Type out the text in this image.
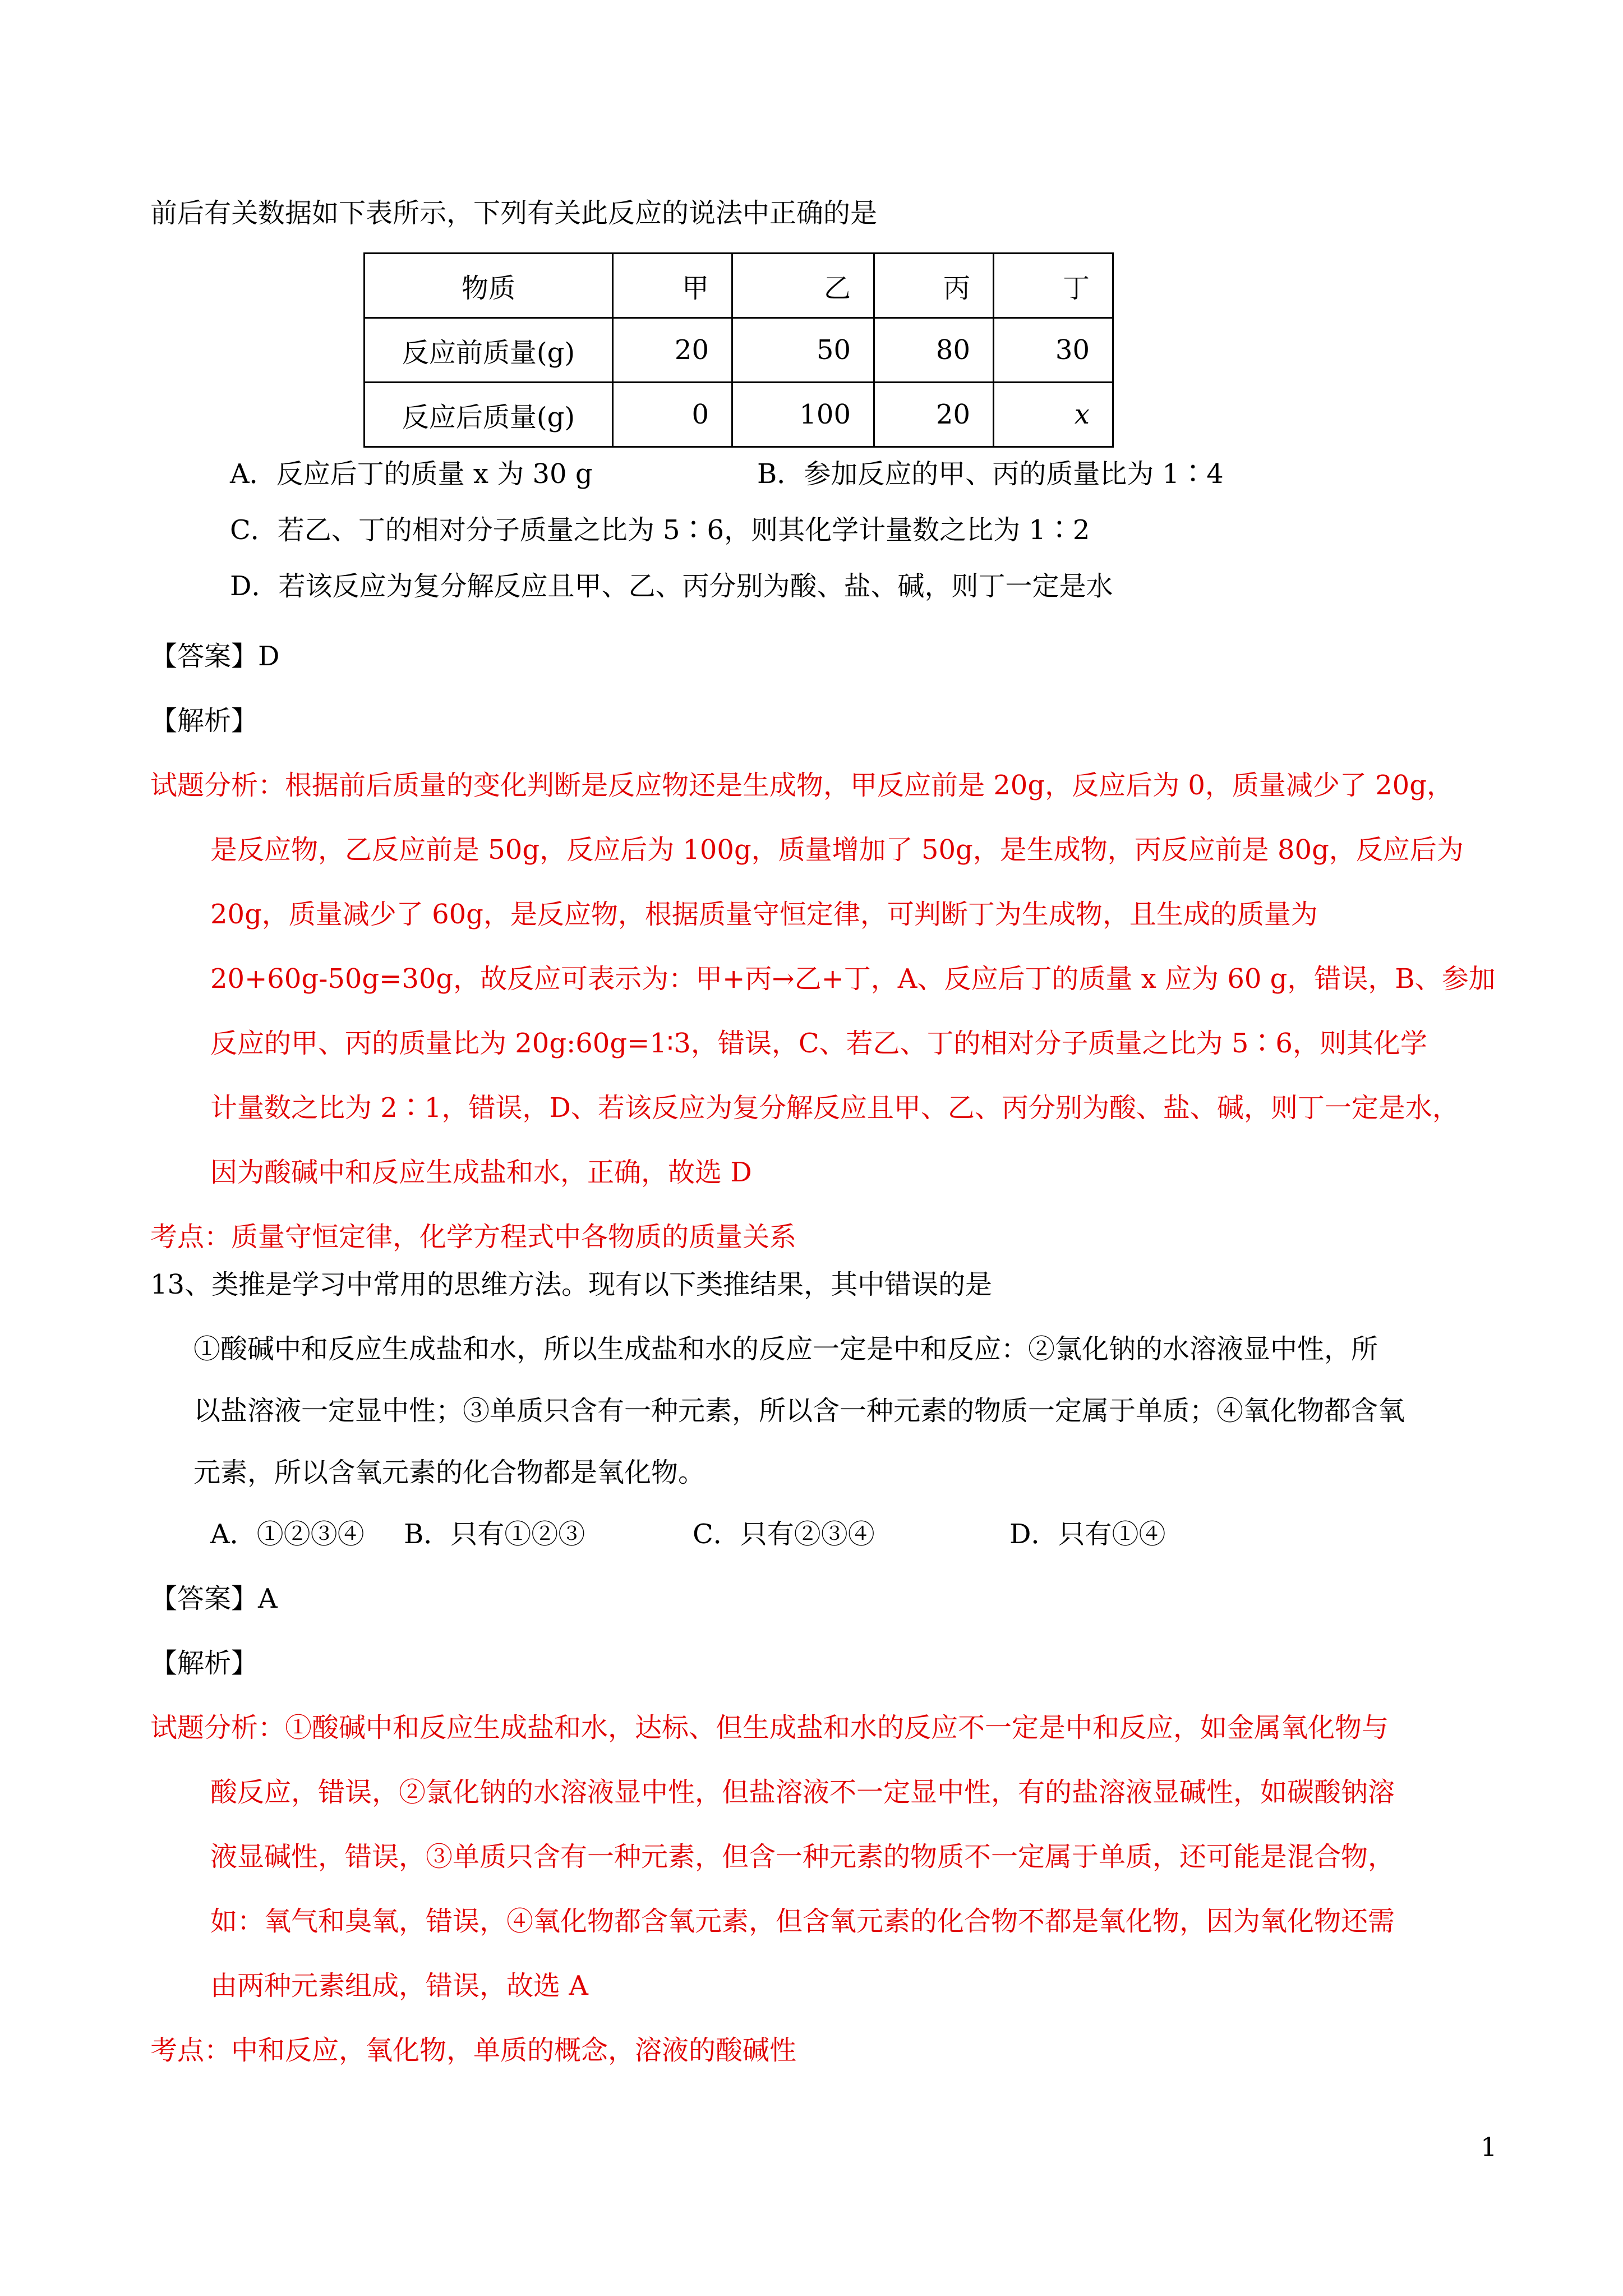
前后有关数据如下表所示，下列有关此反应的说法中正确的是
物质	甲	乙	丙	丁
反应前质量(g)	20	50	80	30
反应后质量(g)	0	100	20	x
A．反应后丁的质量 x 为 30 g	B．参加反应的甲、丙的质量比为 1∶4
C．若乙、丁的相对分子质量之比为 5∶6，则其化学计量数之比为 1∶2
D．若该反应为复分解反应且甲、乙、丙分别为酸、盐、碱，则丁一定是水
【答案】D
【解析】
试题分析：根据前后质量的变化判断是反应物还是生成物，甲反应前是 20g，反应后为 0，质量减少了 20g，
是反应物，乙反应前是 50g，反应后为 100g，质量增加了 50g，是生成物，丙反应前是 80g，反应后为
20g，质量减少了 60g，是反应物，根据质量守恒定律，可判断丁为生成物，且生成的质量为
20+60g-50g=30g，故反应可表示为：甲+丙→乙+丁，A、反应后丁的质量 x 应为 60 g，错误，B、参加
反应的甲、丙的质量比为 20g:60g=1∶3，错误，C、若乙、丁的相对分子质量之比为 5∶6，则其化学
计量数之比为 2∶1，错误，D、若该反应为复分解反应且甲、乙、丙分别为酸、盐、碱，则丁一定是水，
因为酸碱中和反应生成盐和水，正确，故选 D
考点：质量守恒定律，化学方程式中各物质的质量关系
13、类推是学习中常用的思维方法。现有以下类推结果，其中错误的是
①酸碱中和反应生成盐和水，所以生成盐和水的反应一定是中和反应：②氯化钠的水溶液显中性，所
以盐溶液一定显中性；③单质只含有一种元素，所以含一种元素的物质一定属于单质；④氧化物都含氧
元素，所以含氧元素的化合物都是氧化物。
A．①②③④ B．只有①②③	C．只有②③④	D．只有①④
【答案】A
【解析】
试题分析：①酸碱中和反应生成盐和水，达标、但生成盐和水的反应不一定是中和反应，如金属氧化物与
酸反应，错误，②氯化钠的水溶液显中性，但盐溶液不一定显中性，有的盐溶液显碱性，如碳酸钠溶
液显碱性，错误，③单质只含有一种元素，但含一种元素的物质不一定属于单质，还可能是混合物，
如：氧气和臭氧，错误，④氧化物都含氧元素，但含氧元素的化合物不都是氧化物，因为氧化物还需
由两种元素组成，错误，故选 A
考点：中和反应，氧化物，单质的概念，溶液的酸碱性
1
